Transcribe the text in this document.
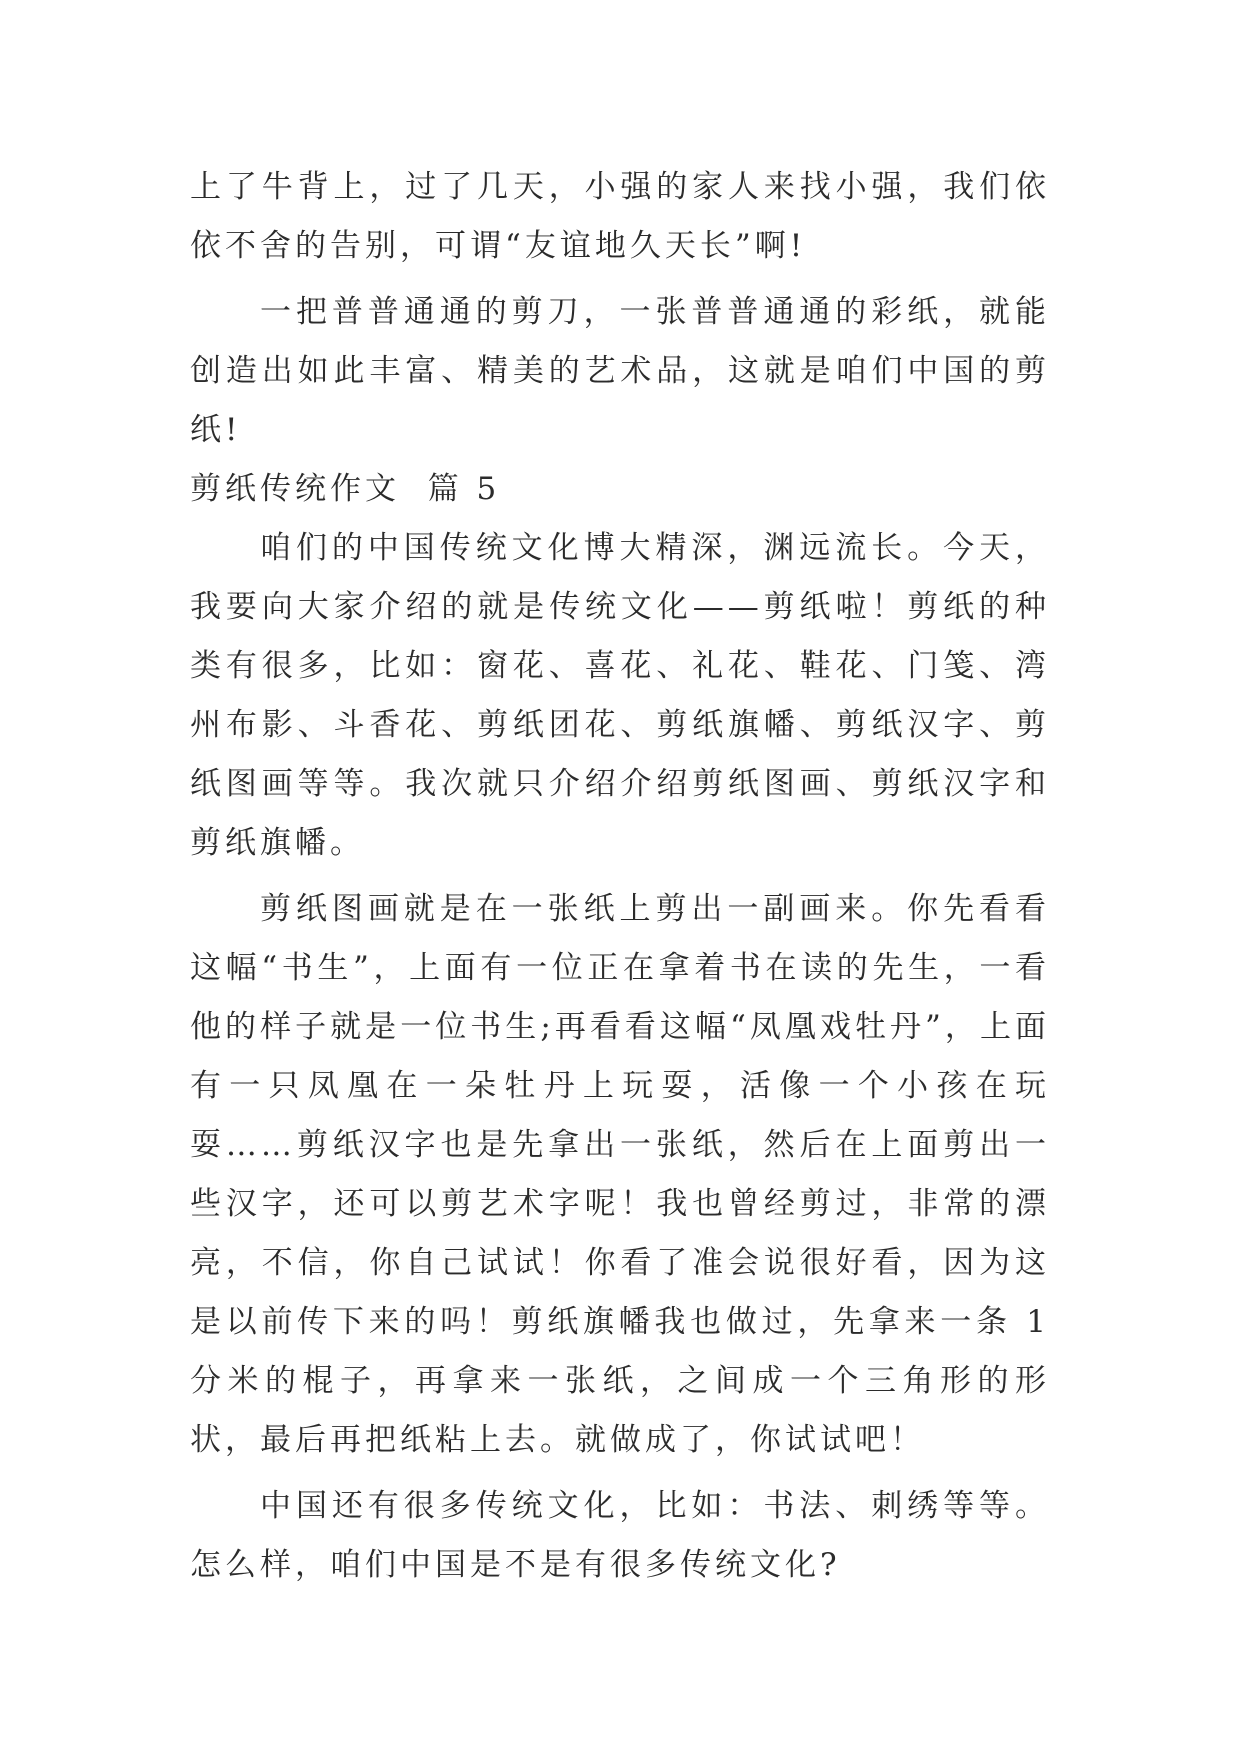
上了牛背上，过了几天，小强的家人来找小强，我们依依不舍的告别，可谓“友谊地久天长”啊!

一把普普通通的剪刀，一张普普通通的彩纸，就能创造出如此丰富、精美的艺术品，这就是咱们中国的剪纸!

剪纸传统作文  篇 5

咱们的中国传统文化博大精深，渊远流长。今天，我要向大家介绍的就是传统文化——剪纸啦！剪纸的种类有很多，比如：窗花、喜花、礼花、鞋花、门笺、湾州布影、斗香花、剪纸团花、剪纸旗幡、剪纸汉字、剪纸图画等等。我次就只介绍介绍剪纸图画、剪纸汉字和剪纸旗幡。

剪纸图画就是在一张纸上剪出一副画来。你先看看这幅“书生”，上面有一位正在拿着书在读的先生，一看他的样子就是一位书生;再看看这幅“凤凰戏牡丹”，上面有一只凤凰在一朵牡丹上玩耍，活像一个小孩在玩耍……剪纸汉字也是先拿出一张纸，然后在上面剪出一些汉字，还可以剪艺术字呢！我也曾经剪过，非常的漂亮，不信，你自己试试！你看了准会说很好看，因为这是以前传下来的吗！剪纸旗幡我也做过，先拿来一条 1 分米的棍子，再拿来一张纸，之间成一个三角形的形状，最后再把纸粘上去。就做成了，你试试吧！

中国还有很多传统文化，比如：书法、刺绣等等。怎么样，咱们中国是不是有很多传统文化?
